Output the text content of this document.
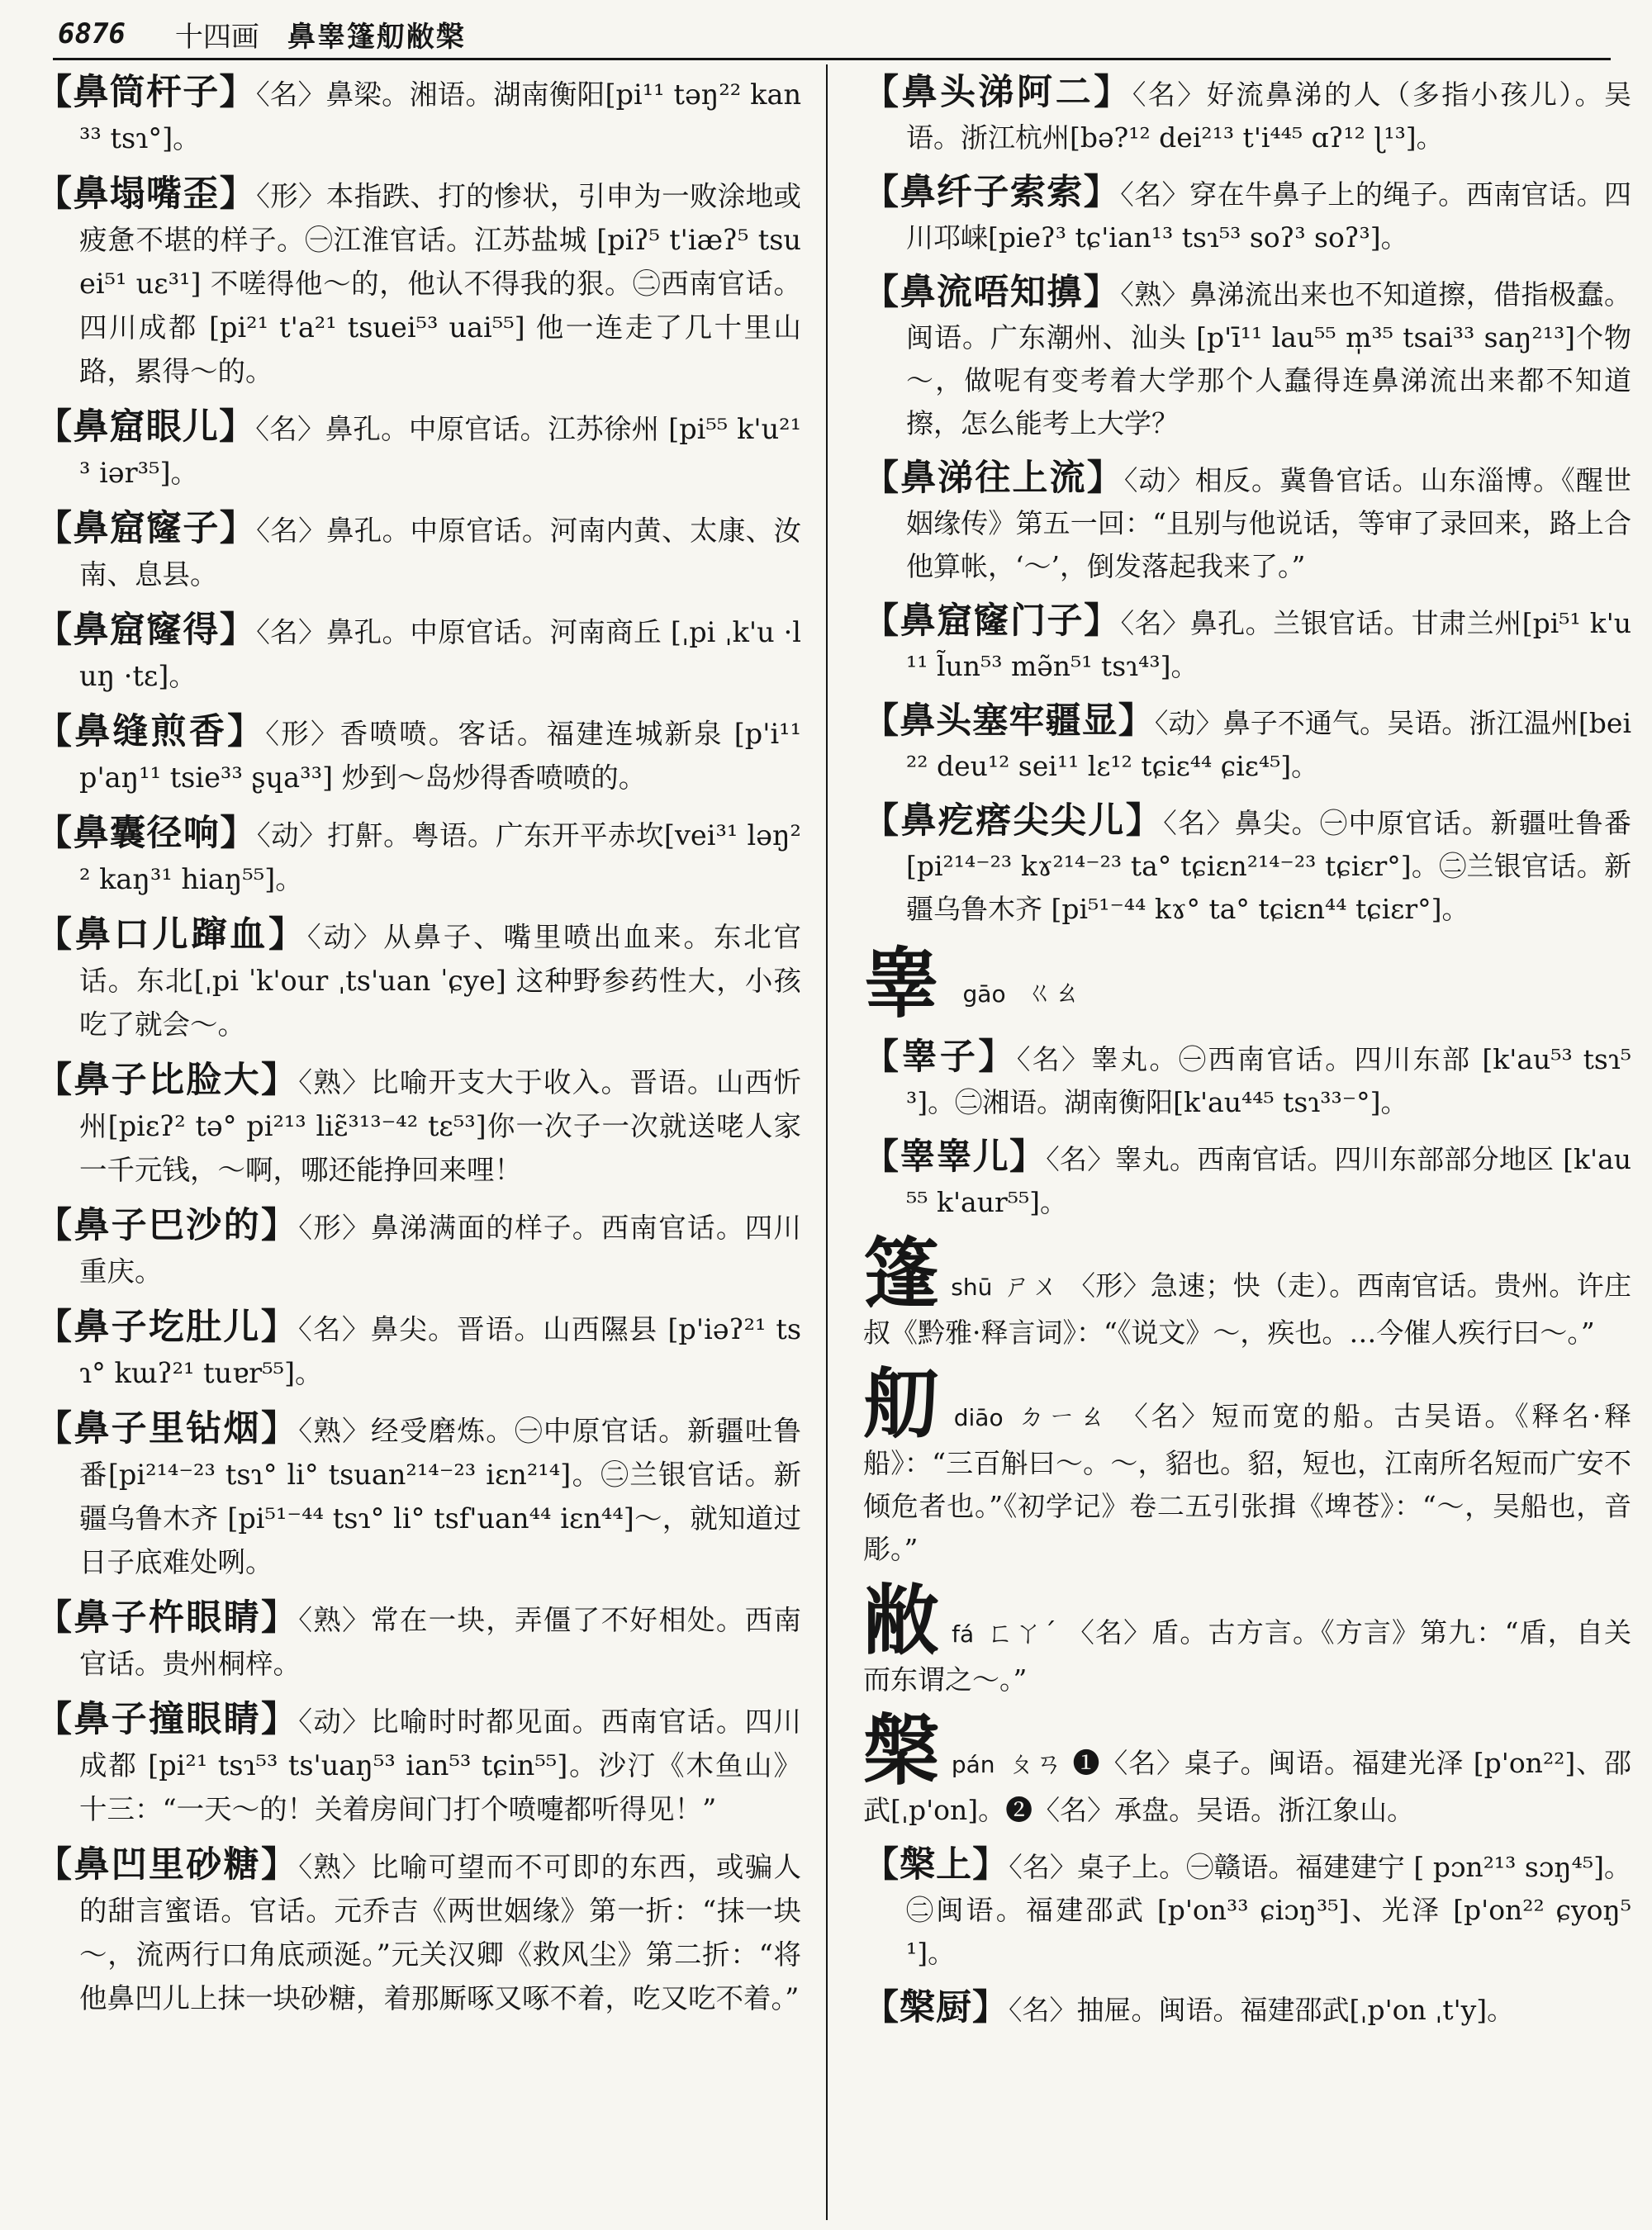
6876 十四画 鼻睾篷舠敝槃
【鼻筒杆子】〈名〉鼻梁。湘语。湖南衡阳[pi¹¹ təŋ²² kan³³ tsɿ°]。
【鼻塌嘴歪】〈形〉本指跌、打的惨状，引申为一败涂地或疲惫不堪的样子。㊀江淮官话。江苏盐城 [piʔ⁵ t'iæʔ⁵ tsuei⁵¹ uɛ³¹] 不嗟得他～的，他认不得我的狠。㊁西南官话。四川成都 [pi²¹ t'a²¹ tsuei⁵³ uai⁵⁵] 他一连走了几十里山路，累得～的。
【鼻窟眼儿】〈名〉鼻孔。中原官话。江苏徐州 [pi⁵⁵ k'u²¹³ iər³⁵]。
【鼻窟窿子】〈名〉鼻孔。中原官话。河南内黄、太康、汝南、息县。
【鼻窟窿得】〈名〉鼻孔。中原官话。河南商丘 [ˌpi ˌk'u ·luŋ ·tɛ]。
【鼻缝煎香】〈形〉香喷喷。客话。福建连城新泉 [p'i¹¹ p'aŋ¹¹ tsie³³ ʂɥa³³] 炒到～岛炒得香喷喷的。
【鼻囊径响】〈动〉打鼾。粤语。广东开平赤坎[vei³¹ ləŋ²² kaŋ³¹ hiaŋ⁵⁵]。
【鼻口儿蹿血】〈动〉从鼻子、嘴里喷出血来。东北官话。东北[ˌpi ˈk'our ˌts'uan ˈɕye] 这种野参药性大，小孩吃了就会～。
【鼻子比脸大】〈熟〉比喻开支大于收入。晋语。山西忻州[piɛʔ² tə° pi²¹³ liɛ̃³¹³⁻⁴² tɛ⁵³]你一次子一次就送咾人家一千元钱，～啊，哪还能挣回来哩！
【鼻子巴沙的】〈形〉鼻涕满面的样子。西南官话。四川重庆。
【鼻子圪肚儿】〈名〉鼻尖。晋语。山西隰县 [p'iəʔ²¹ tsɿ° kɯʔ²¹ tuɐr⁵⁵]。
【鼻子里钻烟】〈熟〉经受磨炼。㊀中原官话。新疆吐鲁番[pi²¹⁴⁻²³ tsɿ° li° tsuan²¹⁴⁻²³ iɛn²¹⁴]。㊁兰银官话。新疆乌鲁木齐 [pi⁵¹⁻⁴⁴ tsɿ° li° tsf'uan⁴⁴ iɛn⁴⁴]～，就知道过日子底难处咧。
【鼻子杵眼睛】〈熟〉常在一块，弄僵了不好相处。西南官话。贵州桐梓。
【鼻子撞眼睛】〈动〉比喻时时都见面。西南官话。四川成都 [pi²¹ tsɿ⁵³ ts'uaŋ⁵³ ian⁵³ tɕin⁵⁵]。沙汀《木鱼山》十三：“一天～的！关着房间门打个喷嚏都听得见！”
【鼻凹里砂糖】〈熟〉比喻可望而不可即的东西，或骗人的甜言蜜语。官话。元乔吉《两世姻缘》第一折：“抹一块～，流两行口角底顽涎。”元关汉卿《救风尘》第二折：“将他鼻凹儿上抹一块砂糖，着那厮啄又啄不着，吃又吃不着。”
【鼻头涕阿二】〈名〉好流鼻涕的人（多指小孩儿）。吴语。浙江杭州[bə?¹² dei²¹³ t'i⁴⁴⁵ ɑʔ¹² ɭ¹³]。
【鼻纤子索索】〈名〉穿在牛鼻子上的绳子。西南官话。四川邛崃[pieʔ³ tɕ'ian¹³ tsɿ⁵³ soʔ³ soʔ³]。
【鼻流唔知擤】〈熟〉鼻涕流出来也不知道擦，借指极蠢。闽语。广东潮州、汕头 [p'ī¹¹ lau⁵⁵ m̩³⁵ tsai³³ saŋ²¹³]个物～，做呢有变考着大学那个人蠢得连鼻涕流出来都不知道擦，怎么能考上大学？
【鼻涕往上流】〈动〉相反。冀鲁官话。山东淄博。《醒世姻缘传》第五一回：“且别与他说话，等审了录回来，路上合他算帐，‘～’，倒发落起我来了。”
【鼻窟窿门子】〈名〉鼻孔。兰银官话。甘肃兰州[pi⁵¹ k'u¹¹ l̃un⁵³ mə̃n⁵¹ tsɿ⁴³]。
【鼻头塞牢疆显】〈动〉鼻子不通气。吴语。浙江温州[bei²² deu¹² sei¹¹ lɛ¹² tɕiɛ⁴⁴ ɕiɛ⁴⁵]。
【鼻疙瘩尖尖儿】〈名〉鼻尖。㊀中原官话。新疆吐鲁番[pi²¹⁴⁻²³ kɤ²¹⁴⁻²³ ta° tɕiɛn²¹⁴⁻²³ tɕiɛr°]。㊁兰银官话。新疆乌鲁木齐 [pi⁵¹⁻⁴⁴ kɤ° ta° tɕiɛn⁴⁴ tɕiɛr°]。
睾 gāo ㄍㄠ
【睾子】〈名〉睾丸。㊀西南官话。四川东部 [k'au⁵³ tsɿ⁵³]。㊁湘语。湖南衡阳[k'au⁴⁴⁵ tsɿ³³⁻°]。
【睾睾儿】〈名〉睾丸。西南官话。四川东部部分地区 [k'au⁵⁵ k'aur⁵⁵]。
篷shū ㄕㄨ 〈形〉急速；快（走）。西南官话。贵州。许庄叔《黔雅·释言词》：“《说文》～，疾也。…今催人疾行曰～。”
舠diāo ㄉㄧㄠ 〈名〉短而宽的船。古吴语。《释名·释船》：“三百斛曰～。～，貂也。貂，短也，江南所名短而广安不倾危者也。”《初学记》卷二五引张揖《埤苍》：“～，吴船也，音彫。”
敝fá ㄈㄚˊ 〈名〉盾。古方言。《方言》第九：“盾，自关而东谓之～。”
槃pán ㄆㄢ ❶〈名〉桌子。闽语。福建光泽 [p'on²²]、邵武[ˌp'on]。❷〈名〉承盘。吴语。浙江象山。
【槃上】〈名〉桌子上。㊀赣语。福建建宁 [ pɔn²¹³ sɔŋ⁴⁵]。㊁闽语。福建邵武 [p'on³³ ɕiɔŋ³⁵]、光泽 [p'on²² ɕyoŋ⁵¹]。
【槃厨】〈名〉抽屉。闽语。福建邵武[ˌp'on ˌt'y]。
